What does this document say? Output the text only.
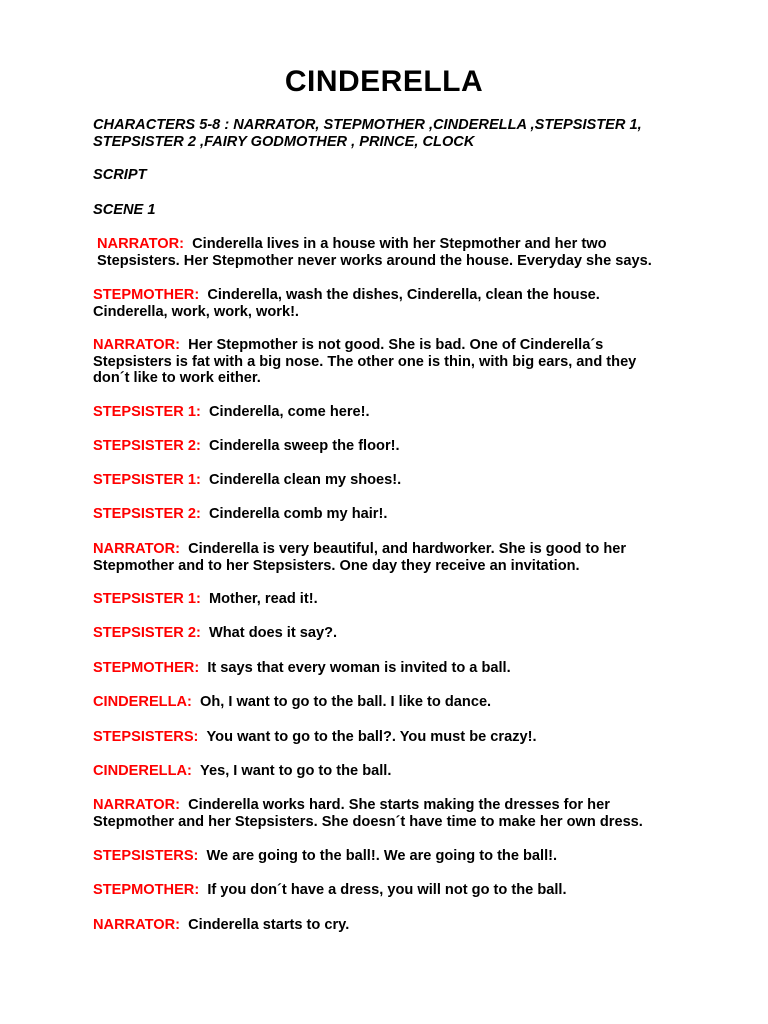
CINDERELLA
CHARACTERS 5-8 : NARRATOR, STEPMOTHER ,CINDERELLA ,STEPSISTER 1,
STEPSISTER 2 ,FAIRY GODMOTHER , PRINCE, CLOCK
SCRIPT
SCENE 1
NARRATOR: Cinderella lives in a house with her Stepmother and her two
Stepsisters. Her Stepmother never works around the house. Everyday she says.
STEPMOTHER: Cinderella, wash the dishes, Cinderella, clean the house.
Cinderella, work, work, work!.
NARRATOR: Her Stepmother is not good. She is bad. One of Cinderella´s
Stepsisters is fat with a big nose. The other one is thin, with big ears, and they
don´t like to work either.
STEPSISTER 1: Cinderella, come here!.
STEPSISTER 2: Cinderella sweep the floor!.
STEPSISTER 1: Cinderella clean my shoes!.
STEPSISTER 2: Cinderella comb my hair!.
NARRATOR: Cinderella is very beautiful, and hardworker. She is good to her
Stepmother and to her Stepsisters. One day they receive an invitation.
STEPSISTER 1: Mother, read it!.
STEPSISTER 2: What does it say?.
STEPMOTHER: It says that every woman is invited to a ball.
CINDERELLA: Oh, I want to go to the ball. I like to dance.
STEPSISTERS: You want to go to the ball?. You must be crazy!.
CINDERELLA: Yes, I want to go to the ball.
NARRATOR: Cinderella works hard. She starts making the dresses for her
Stepmother and her Stepsisters. She doesn´t have time to make her own dress.
STEPSISTERS: We are going to the ball!. We are going to the ball!.
STEPMOTHER: If you don´t have a dress, you will not go to the ball.
NARRATOR: Cinderella starts to cry.
